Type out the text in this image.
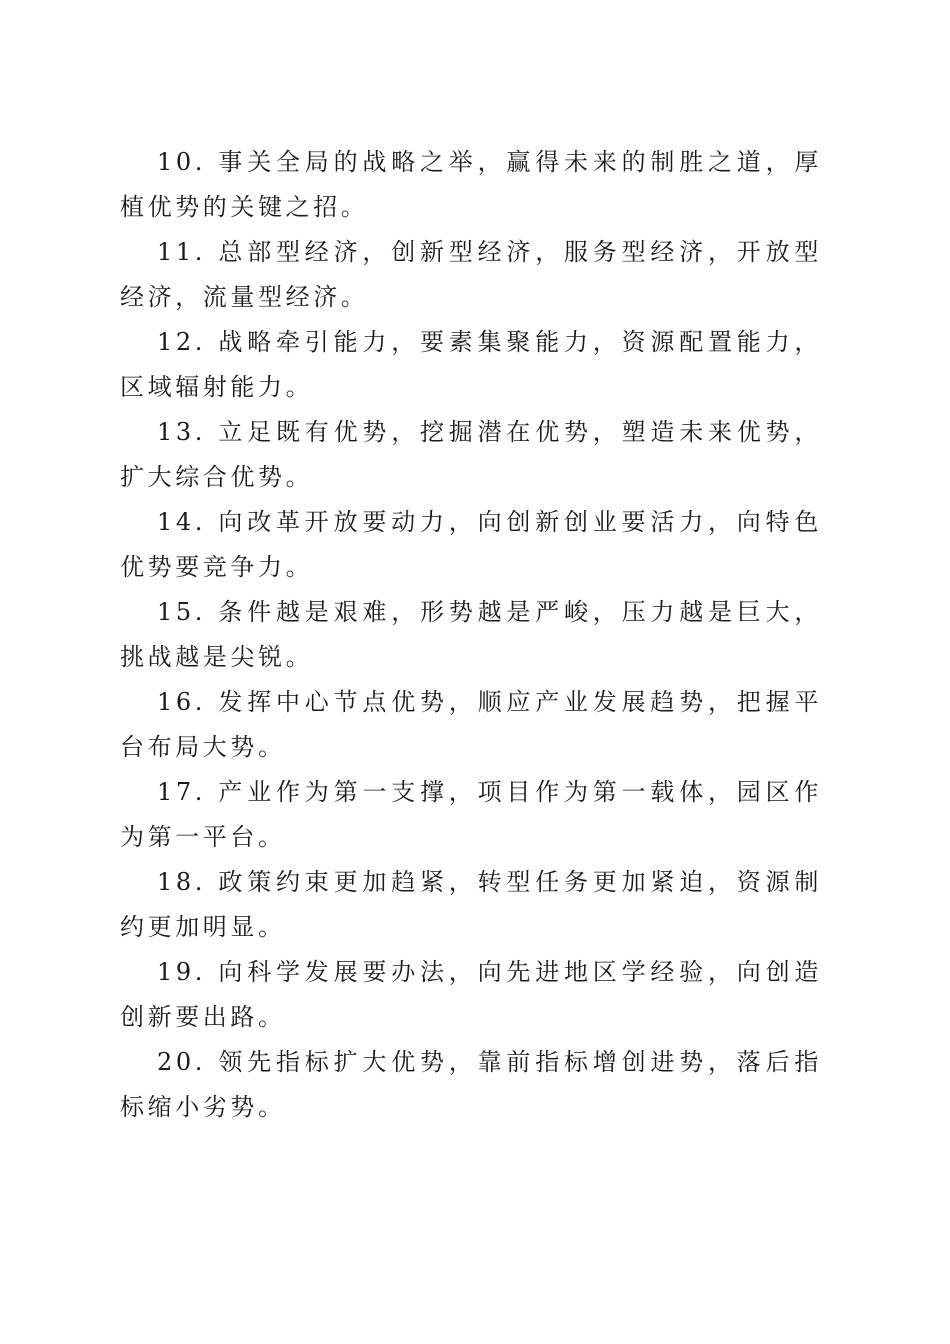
10. 事关全局的战略之举，赢得未来的制胜之道，厚植优势的关键之招。

11. 总部型经济，创新型经济，服务型经济，开放型经济，流量型经济。

12. 战略牵引能力，要素集聚能力，资源配置能力，区域辐射能力。

13. 立足既有优势，挖掘潜在优势，塑造未来优势，扩大综合优势。

14. 向改革开放要动力，向创新创业要活力，向特色优势要竞争力。

15. 条件越是艰难，形势越是严峻，压力越是巨大，挑战越是尖锐。

16. 发挥中心节点优势，顺应产业发展趋势，把握平台布局大势。

17. 产业作为第一支撑，项目作为第一载体，园区作为第一平台。

18. 政策约束更加趋紧，转型任务更加紧迫，资源制约更加明显。

19. 向科学发展要办法，向先进地区学经验，向创造创新要出路。

20. 领先指标扩大优势，靠前指标增创进势，落后指标缩小劣势。
